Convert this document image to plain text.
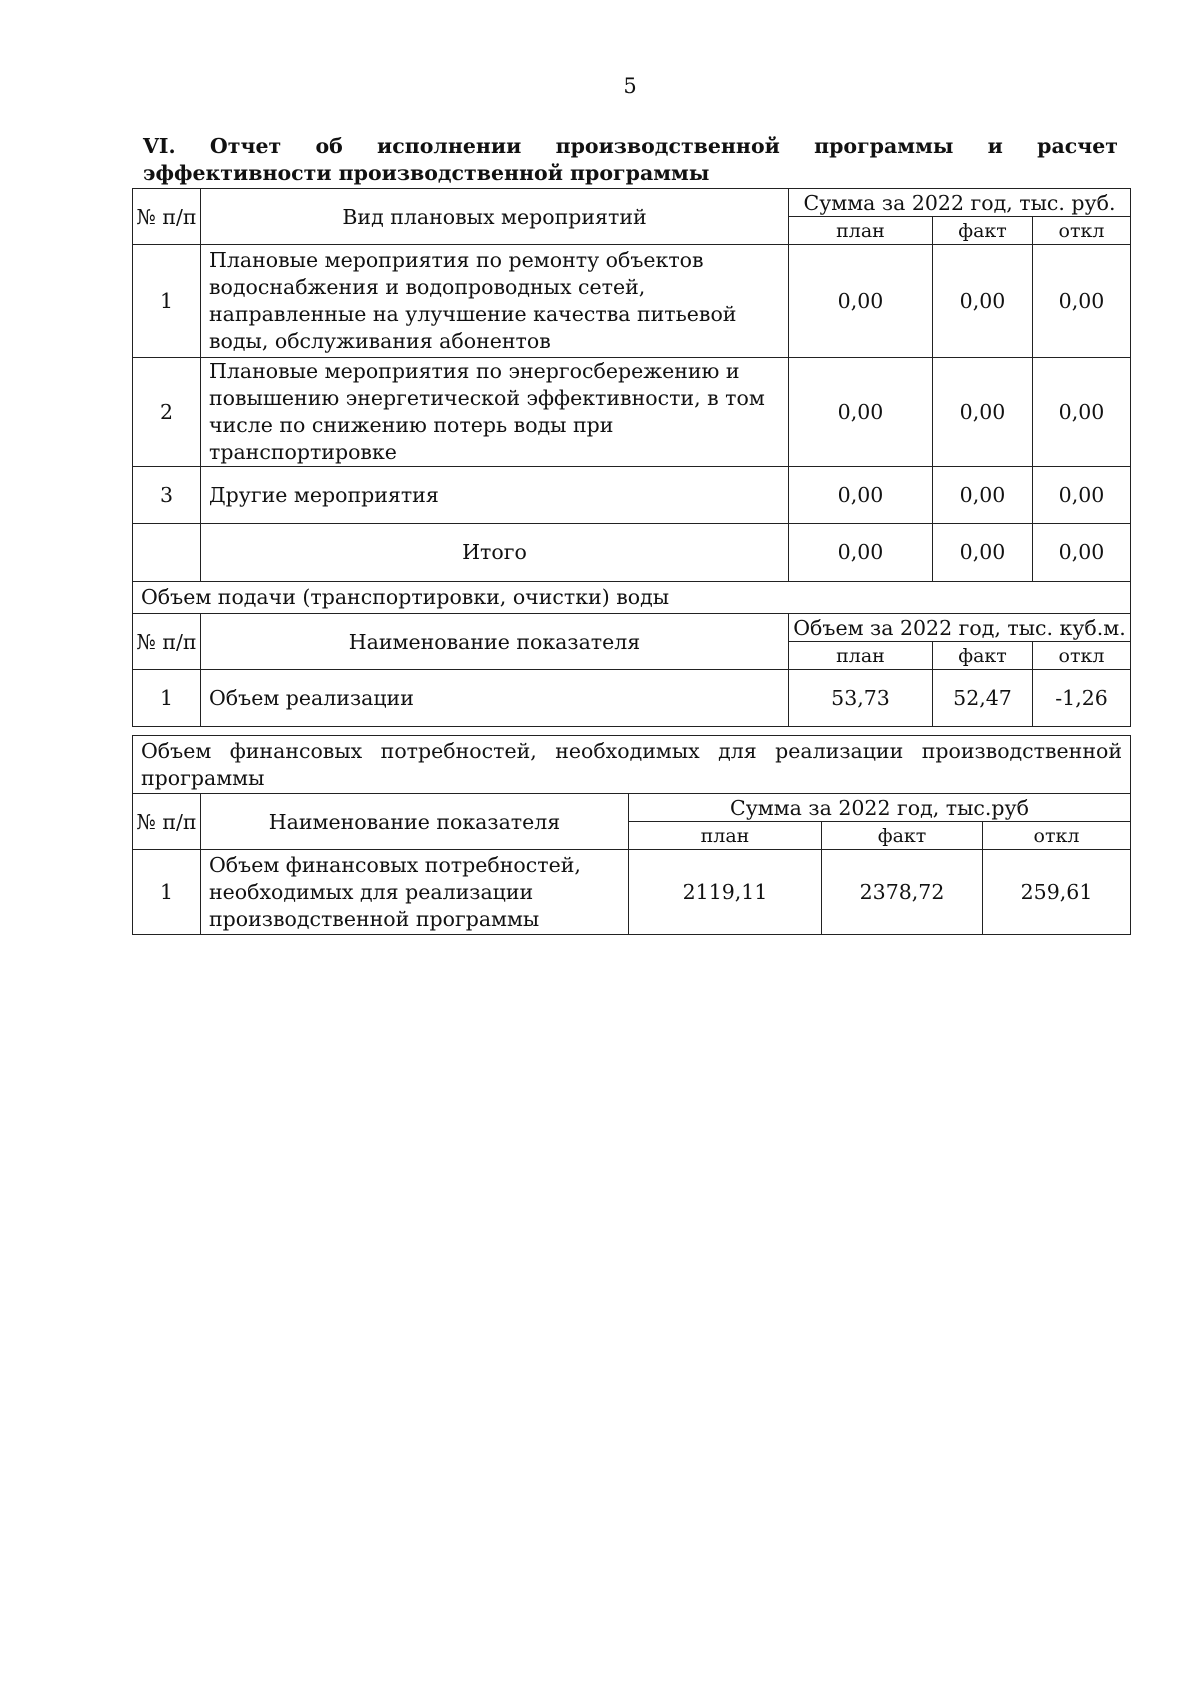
5
VI. Отчет об исполнении производственной программы и расчет эффективности производственной программы
№ п/п	Вид плановых мероприятий	Сумма за 2022 год, тыс. руб.		
		план	факт	откл
1	Плановые мероприятия по ремонту объектов водоснабжения и водопроводных сетей, направленные на улучшение качества питьевой воды, обслуживания абонентов	0,00	0,00	0,00
2	Плановые мероприятия по энергосбережению и повышению энергетической эффективности, в том числе по снижению потерь воды при транспортировке	0,00	0,00	0,00
3	Другие мероприятия	0,00	0,00	0,00
	Итого	0,00	0,00	0,00
Объем подачи (транспортировки, очистки) воды				
№ п/п	Наименование показателя	Объем за 2022 год, тыс. куб.м.		
		план	факт	откл
1	Объем реализации	53,73	52,47	-1,26
Объем финансовых потребностей, необходимых для реализации производственной программы				
№ п/п	Наименование показателя	Сумма за 2022 год, тыс.руб		
		план	факт	откл
1	Объем финансовых потребностей, необходимых для реализации производственной программы	2119,11	2378,72	259,61
